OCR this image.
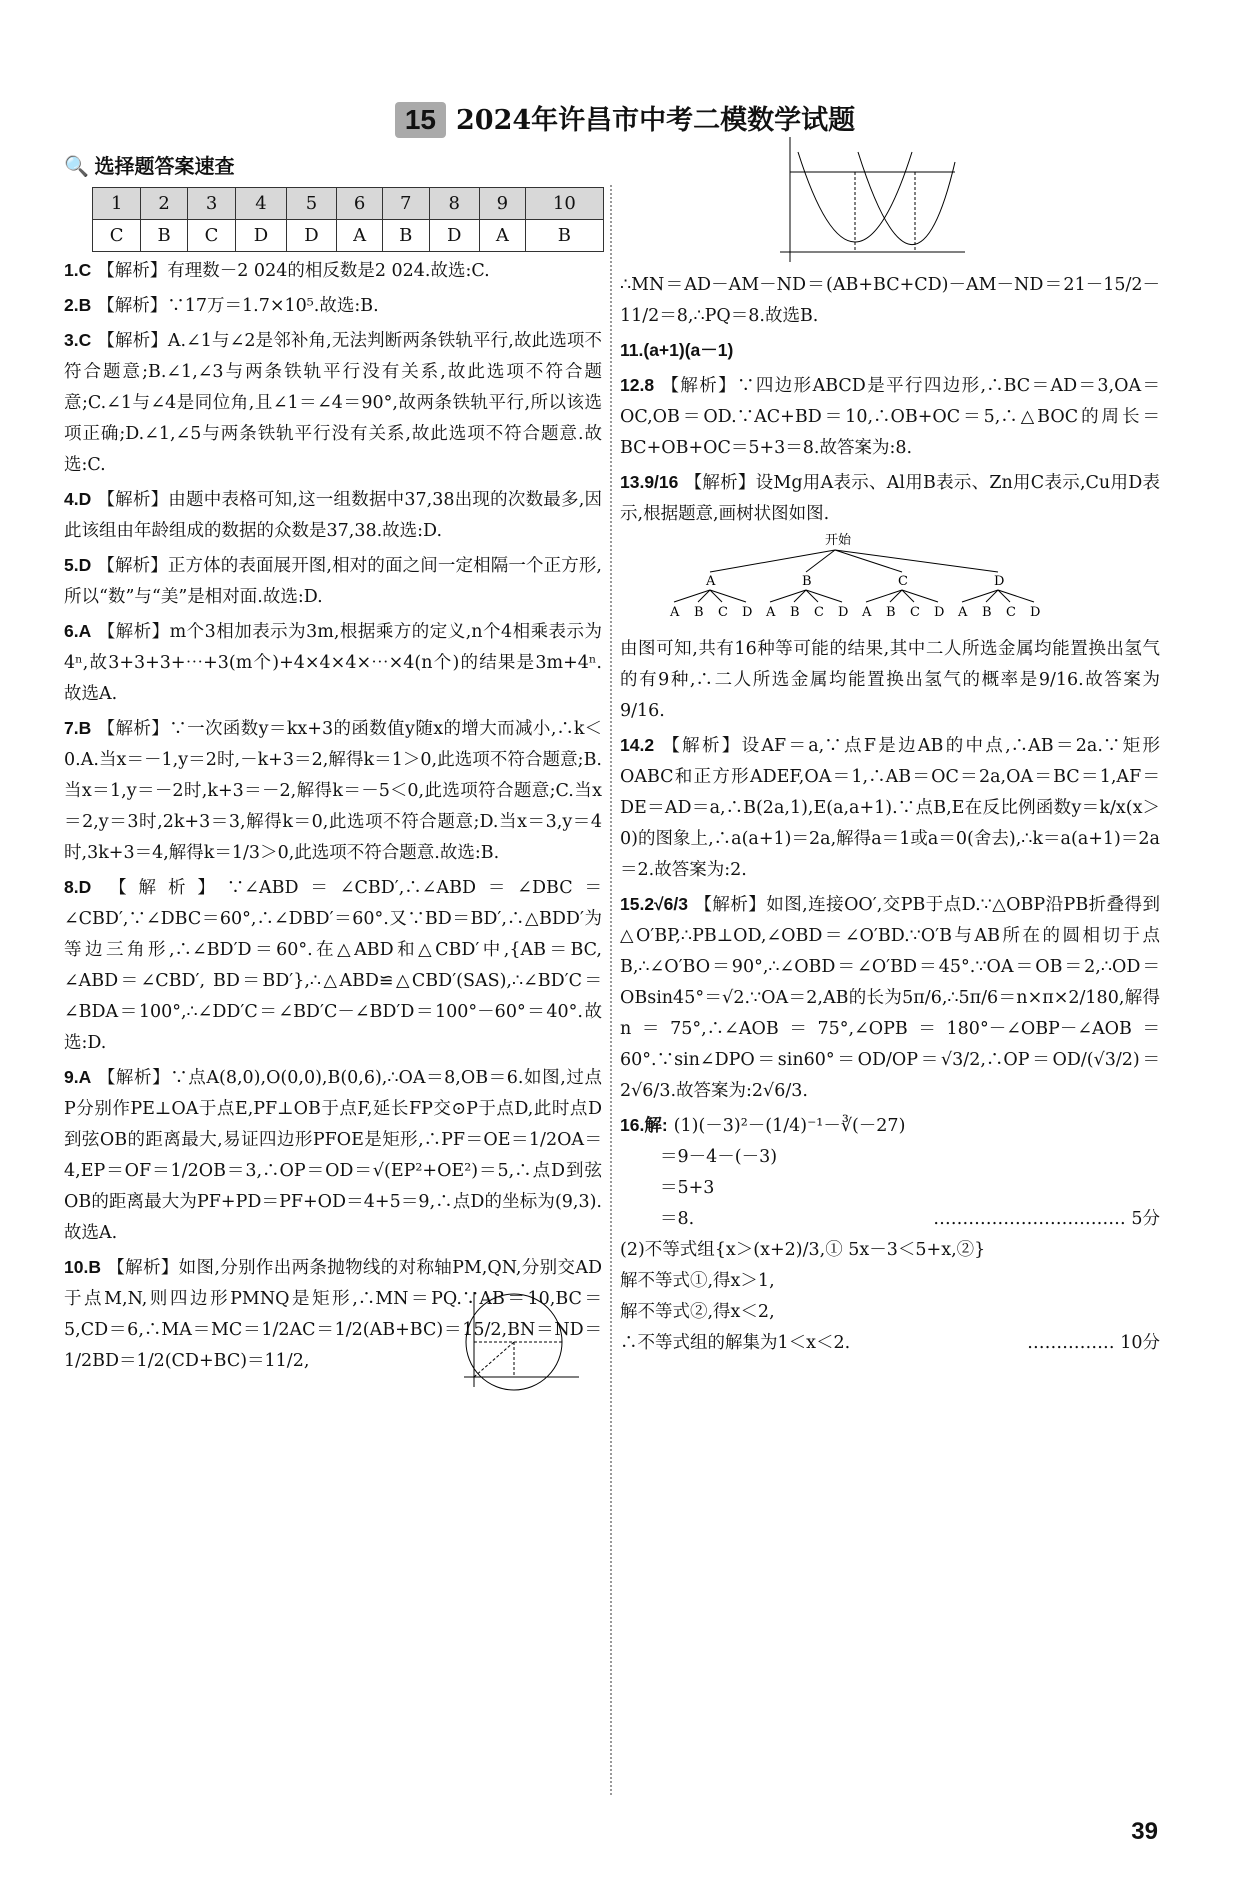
15 2024年许昌市中考二模数学试题
🔍 选择题答案速查
1	2	3	4	5	6	7	8	9	10
C	B	C	D	D	A	B	D	A	B
1.C 【解析】有理数－2 024的相反数是2 024.故选:C.
2.B 【解析】∵17万＝1.7×10⁵.故选:B.
3.C 【解析】A.∠1与∠2是邻补角,无法判断两条铁轨平行,故此选项不符合题意;B.∠1,∠3与两条铁轨平行没有关系,故此选项不符合题意;C.∠1与∠4是同位角,且∠1＝∠4＝90°,故两条铁轨平行,所以该选项正确;D.∠1,∠5与两条铁轨平行没有关系,故此选项不符合题意.故选:C.
4.D 【解析】由题中表格可知,这一组数据中37,38出现的次数最多,因此该组由年龄组成的数据的众数是37,38.故选:D.
5.D 【解析】正方体的表面展开图,相对的面之间一定相隔一个正方形,所以“数”与“美”是相对面.故选:D.
6.A 【解析】m个3相加表示为3m,根据乘方的定义,n个4相乘表示为4ⁿ,故3+3+3+⋯+3(m个)+4×4×4×⋯×4(n个)的结果是3m+4ⁿ.故选A.
7.B 【解析】∵一次函数y＝kx+3的函数值y随x的增大而减小,∴k＜0.A.当x＝－1,y＝2时,－k+3＝2,解得k＝1＞0,此选项不符合题意;B.当x＝1,y＝－2时,k+3＝－2,解得k＝－5＜0,此选项符合题意;C.当x＝2,y＝3时,2k+3＝3,解得k＝0,此选项不符合题意;D.当x＝3,y＝4时,3k+3＝4,解得k＝1/3＞0,此选项不符合题意.故选:B.
8.D 【解析】∵∠ABD＝∠CBD′,∴∠ABD＝∠DBC＝∠CBD′,∵∠DBC＝60°,∴∠DBD′＝60°.又∵BD＝BD′,∴△BDD′为等边三角形,∴∠BD′D＝60°.在△ABD和△CBD′中,{AB＝BC, ∠ABD＝∠CBD′, BD＝BD′},∴△ABD≌△CBD′(SAS),∴∠BD′C＝∠BDA＝100°,∴∠DD′C＝∠BD′C－∠BD′D＝100°－60°＝40°.故选:D.
9.A 【解析】∵点A(8,0),O(0,0),B(0,6),∴OA＝8,OB＝6.如图,过点P分别作PE⊥OA于点E,PF⊥OB于点F,延长FP交⊙P于点D,此时点D到弦OB的距离最大,易证四边形PFOE是矩形,∴PF＝OE＝1/2OA＝4,EP＝OF＝1/2OB＝3,∴OP＝OD＝√(EP²+OE²)＝5,∴点D到弦OB的距离最大为PF+PD＝PF+OD＝4+5＝9,∴点D的坐标为(9,3).故选A.
10.B 【解析】如图,分别作出两条抛物线的对称轴PM,QN,分别交AD于点M,N,则四边形PMNQ是矩形,∴MN＝PQ.∵AB＝10,BC＝5,CD＝6,∴MA＝MC＝1/2AC＝1/2(AB+BC)＝15/2,BN＝ND＝1/2BD＝1/2(CD+BC)＝11/2,
∴MN＝AD－AM－ND＝(AB+BC+CD)－AM－ND＝21－15/2－11/2＝8,∴PQ＝8.故选B.
11.(a+1)(a－1)
12.8 【解析】∵四边形ABCD是平行四边形,∴BC＝AD＝3,OA＝OC,OB＝OD.∵AC+BD＝10,∴OB+OC＝5,∴△BOC的周长＝BC+OB+OC＝5+3＝8.故答案为:8.
13.9/16 【解析】设Mg用A表示、Al用B表示、Zn用C表示,Cu用D表示,根据题意,画树状图如图.
开始
A
A B C D
B
A B C D
C
A B C D
D
A B C D
由图可知,共有16种等可能的结果,其中二人所选金属均能置换出氢气的有9种,∴二人所选金属均能置换出氢气的概率是9/16.故答案为9/16.
14.2 【解析】设AF＝a,∵点F是边AB的中点,∴AB＝2a.∵矩形OABC和正方形ADEF,OA＝1,∴AB＝OC＝2a,OA＝BC＝1,AF＝DE＝AD＝a,∴B(2a,1),E(a,a+1).∵点B,E在反比例函数y＝k/x(x＞0)的图象上,∴a(a+1)＝2a,解得a＝1或a＝0(舍去),∴k＝a(a+1)＝2a＝2.故答案为:2.
15.2√6/3 【解析】如图,连接OO′,交PB于点D.∵△OBP沿PB折叠得到△O′BP,∴PB⊥OD,∠OBD＝∠O′BD.∵O′B与AB所在的圆相切于点B,∴∠O′BO＝90°,∴∠OBD＝∠O′BD＝45°.∵OA＝OB＝2,∴OD＝OBsin45°＝√2.∵OA＝2,AB的长为5π/6,∴5π/6＝n×π×2/180,解得n＝75°,∴∠AOB＝75°,∠OPB＝180°－∠OBP－∠AOB＝60°.∵sin∠DPO＝sin60°＝OD/OP＝√3/2,∴OP＝OD/(√3/2)＝2√6/3.故答案为:2√6/3.
16.解: (1)(－3)²－(1/4)⁻¹－∛(－27)
＝9－4－(－3)
＝5+3
＝8.	…………………………… 5分
(2)不等式组{x＞(x+2)/3,① 5x－3＜5+x,②}
解不等式①,得x＞1,
解不等式②,得x＜2,
∴不等式组的解集为1＜x＜2.	…………… 10分
39
